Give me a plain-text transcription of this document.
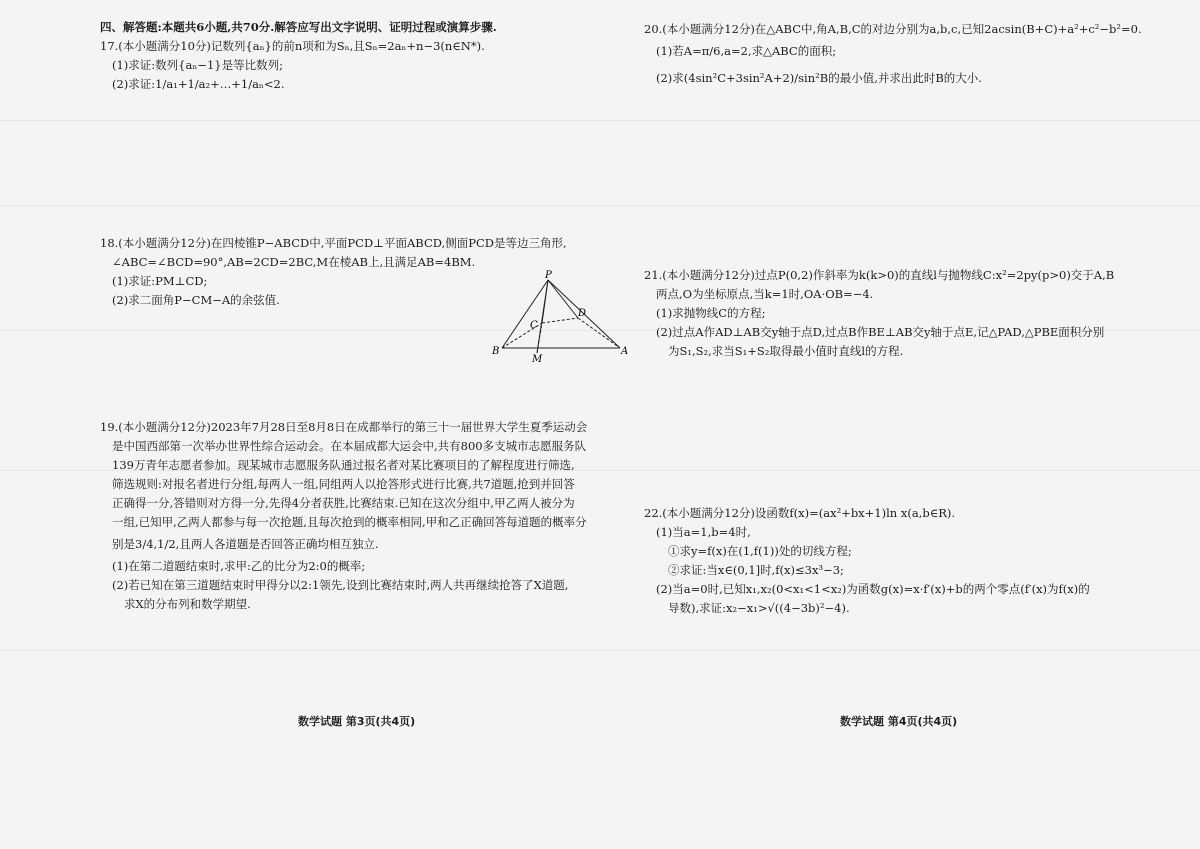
四、解答题:本题共6小题,共70分.解答应写出文字说明、证明过程或演算步骤.

17.(本小题满分10分)记数列{aₙ}的前n项和为Sₙ,且Sₙ=2aₙ+n−3(n∈N*).

(1)求证:数列{aₙ−1}是等比数列;

(2)求证:1/a₁+1/a₂+…+1/aₙ<2.

18.(本小题满分12分)在四棱锥P−ABCD中,平面PCD⊥平面ABCD,侧面PCD是等边三角形,

∠ABC=∠BCD=90°,AB=2CD=2BC,M在棱AB上,且满足AB=4BM.

(1)求证:PM⊥CD;

(2)求二面角P−CM−A的余弦值.

P
C
D
B
M
A

19.(本小题满分12分)2023年7月28日至8月8日在成都举行的第三十一届世界大学生夏季运动会

是中国西部第一次举办世界性综合运动会。在本届成都大运会中,共有800多支城市志愿服务队

139万青年志愿者参加。现某城市志愿服务队通过报名者对某比赛项目的了解程度进行筛选,

筛选规则:对报名者进行分组,每两人一组,同组两人以抢答形式进行比赛,共7道题,抢到并回答

正确得一分,答错则对方得一分,先得4分者获胜,比赛结束.已知在这次分组中,甲乙两人被分为

一组,已知甲,乙两人都参与每一次抢题,且每次抢到的概率相同,甲和乙正确回答每道题的概率分

别是3/4,1/2,且两人各道题是否回答正确均相互独立.

(1)在第二道题结束时,求甲:乙的比分为2:0的概率;

(2)若已知在第三道题结束时甲得分以2:1领先,设到比赛结束时,两人共再继续抢答了X道题,

求X的分布列和数学期望.

数学试题 第3页(共4页)

20.(本小题满分12分)在△ABC中,角A,B,C的对边分别为a,b,c,已知2acsin(B+C)+a²+c²−b²=0.

(1)若A=π/6,a=2,求△ABC的面积;

(2)求(4sin²C+3sin²A+2)/sin²B的最小值,并求出此时B的大小.

21.(本小题满分12分)过点P(0,2)作斜率为k(k>0)的直线l与抛物线C:x²=2py(p>0)交于A,B

两点,O为坐标原点,当k=1时,OA·OB=−4.

(1)求抛物线C的方程;

(2)过点A作AD⊥AB交y轴于点D,过点B作BE⊥AB交y轴于点E,记△PAD,△PBE面积分别

为S₁,S₂,求当S₁+S₂取得最小值时直线l的方程.

22.(本小题满分12分)设函数f(x)=(ax²+bx+1)ln x(a,b∈R).

(1)当a=1,b=4时,

①求y=f(x)在(1,f(1))处的切线方程;

②求证:当x∈(0,1]时,f(x)≤3x³−3;

(2)当a=0时,已知x₁,x₂(0<x₁<1<x₂)为函数g(x)=x·f′(x)+b的两个零点(f′(x)为f(x)的

导数),求证:x₂−x₁>√((4−3b)²−4).

数学试题 第4页(共4页)
